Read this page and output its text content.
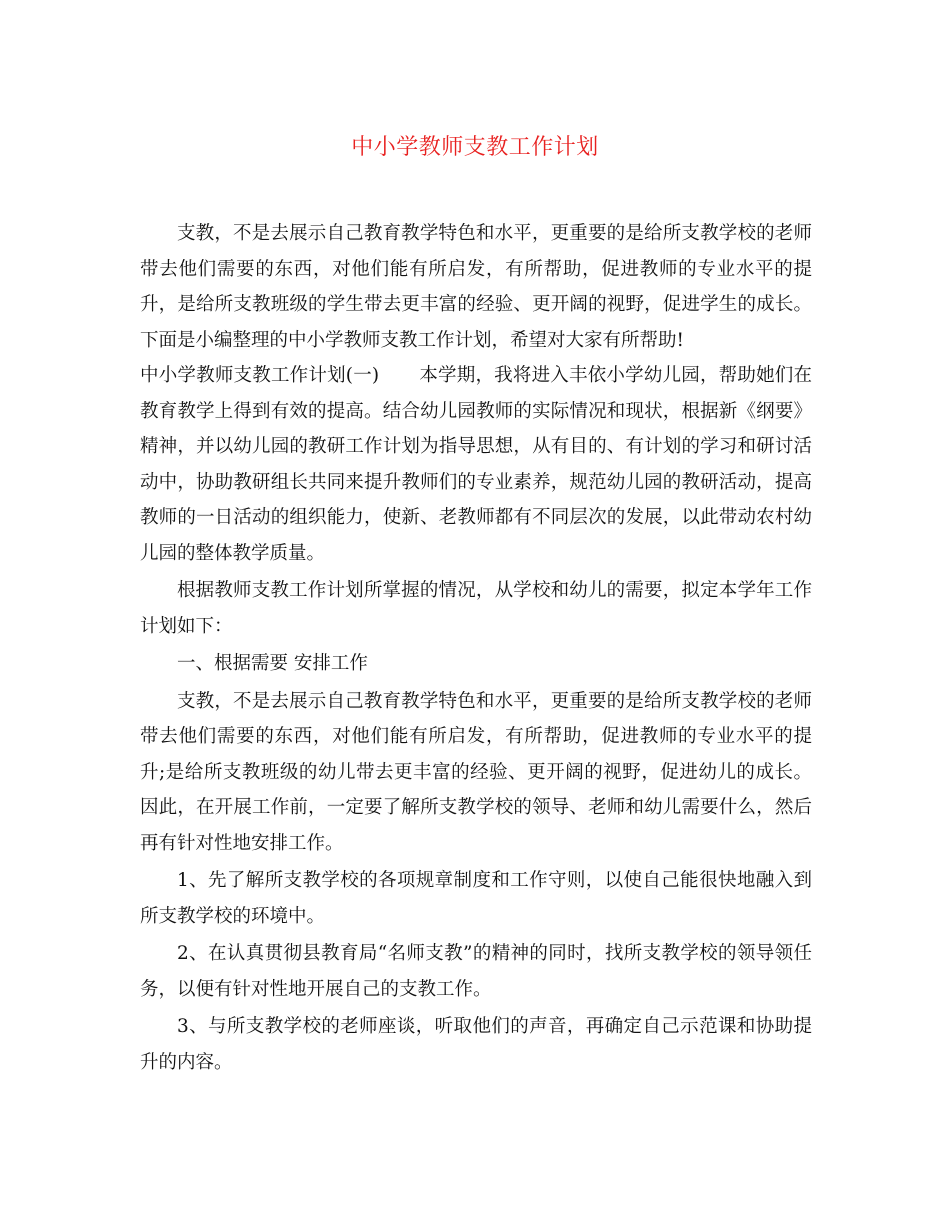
中小学教师支教工作计划

支教，不是去展示自己教育教学特色和水平，更重要的是给所支教学校的老师带去他们需要的东西，对他们能有所启发，有所帮助，促进教师的专业水平的提升，是给所支教班级的学生带去更丰富的经验、更开阔的视野，促进学生的成长。下面是小编整理的中小学教师支教工作计划，希望对大家有所帮助!

中小学教师支教工作计划(一) 本学期，我将进入丰依小学幼儿园，帮助她们在教育教学上得到有效的提高。结合幼儿园教师的实际情况和现状，根据新《纲要》精神，并以幼儿园的教研工作计划为指导思想，从有目的、有计划的学习和研讨活动中，协助教研组长共同来提升教师们的专业素养，规范幼儿园的教研活动，提高教师的一日活动的组织能力，使新、老教师都有不同层次的发展，以此带动农村幼儿园的整体教学质量。

根据教师支教工作计划所掌握的情况，从学校和幼儿的需要，拟定本学年工作计划如下：

一、根据需要 安排工作

支教，不是去展示自己教育教学特色和水平，更重要的是给所支教学校的老师带去他们需要的东西，对他们能有所启发，有所帮助，促进教师的专业水平的提升;是给所支教班级的幼儿带去更丰富的经验、更开阔的视野，促进幼儿的成长。因此，在开展工作前，一定要了解所支教学校的领导、老师和幼儿需要什么，然后再有针对性地安排工作。

1、先了解所支教学校的各项规章制度和工作守则，以使自己能很快地融入到所支教学校的环境中。

2、在认真贯彻县教育局“名师支教”的精神的同时，找所支教学校的领导领任务，以便有针对性地开展自己的支教工作。

3、与所支教学校的老师座谈，听取他们的声音，再确定自己示范课和协助提升的内容。
